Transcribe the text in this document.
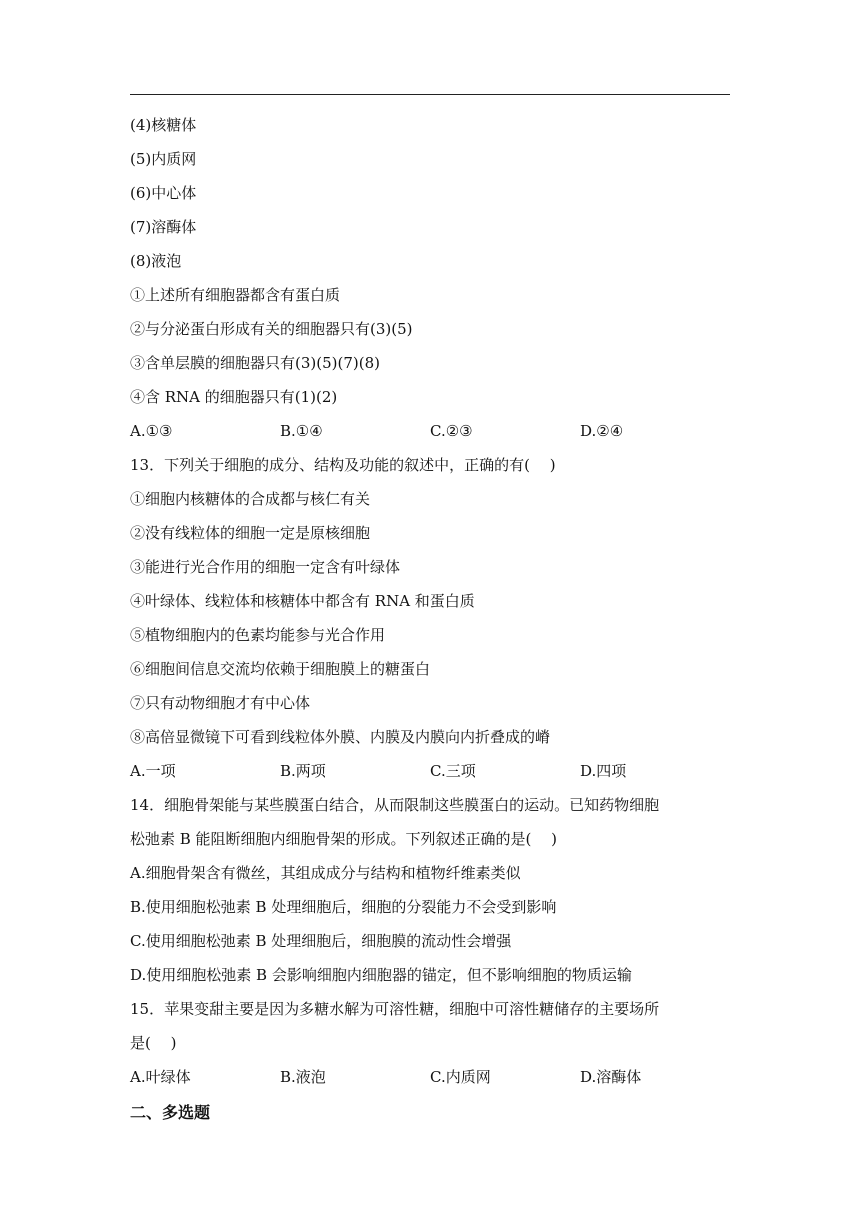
(4)核糖体
(5)内质网
(6)中心体
(7)溶酶体
(8)液泡
①上述所有细胞器都含有蛋白质
②与分泌蛋白形成有关的细胞器只有(3)(5)
③含单层膜的细胞器只有(3)(5)(7)(8)
④含 RNA 的细胞器只有(1)(2)
A.①③	B.①④	C.②③	D.②④
13．下列关于细胞的成分、结构及功能的叙述中，正确的有(　 )
①细胞内核糖体的合成都与核仁有关
②没有线粒体的细胞一定是原核细胞
③能进行光合作用的细胞一定含有叶绿体
④叶绿体、线粒体和核糖体中都含有 RNA 和蛋白质
⑤植物细胞内的色素均能参与光合作用
⑥细胞间信息交流均依赖于细胞膜上的糖蛋白
⑦只有动物细胞才有中心体
⑧高倍显微镜下可看到线粒体外膜、内膜及内膜向内折叠成的嵴
A.一项	B.两项	C.三项	D.四项
14．细胞骨架能与某些膜蛋白结合，从而限制这些膜蛋白的运动。已知药物细胞
松弛素 B 能阻断细胞内细胞骨架的形成。下列叙述正确的是(　 )
A.细胞骨架含有微丝，其组成成分与结构和植物纤维素类似
B.使用细胞松弛素 B 处理细胞后，细胞的分裂能力不会受到影响
C.使用细胞松弛素 B 处理细胞后，细胞膜的流动性会增强
D.使用细胞松弛素 B 会影响细胞内细胞器的锚定，但不影响细胞的物质运输
15．苹果变甜主要是因为多糖水解为可溶性糖，细胞中可溶性糖储存的主要场所
是(　 )
A.叶绿体	B.液泡	C.内质网	D.溶酶体
二、多选题
